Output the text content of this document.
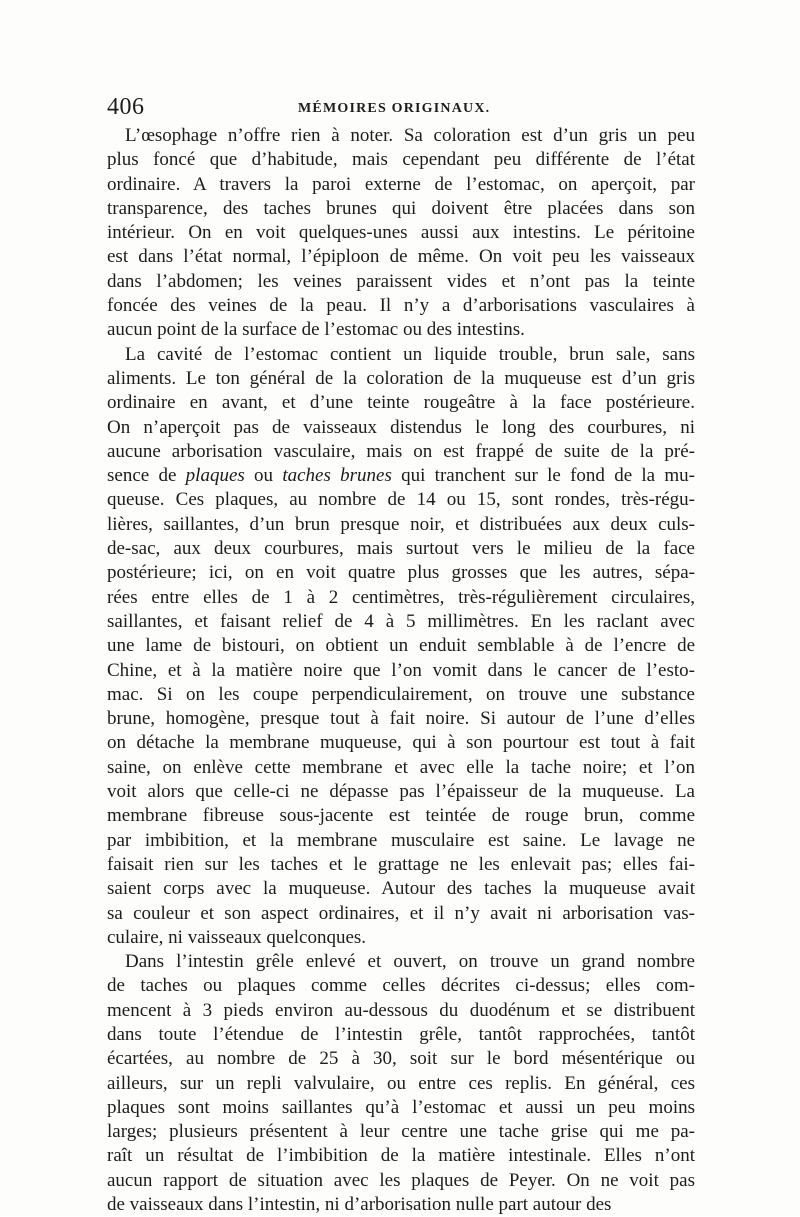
406	MÉMOIRES ORIGINAUX.
L’œsophage n’offre rien à noter. Sa coloration est d’un gris un peu
plus foncé que d’habitude, mais cependant peu différente de l’état
ordinaire. A travers la paroi externe de l’estomac, on aperçoit, par
transparence, des taches brunes qui doivent être placées dans son
intérieur. On en voit quelques-unes aussi aux intestins. Le péritoine
est dans l’état normal, l’épiploon de même. On voit peu les vaisseaux
dans l’abdomen; les veines paraissent vides et n’ont pas la teinte
foncée des veines de la peau. Il n’y a d’arborisations vasculaires à
aucun point de la surface de l’estomac ou des intestins.
La cavité de l’estomac contient un liquide trouble, brun sale, sans
aliments. Le ton général de la coloration de la muqueuse est d’un gris
ordinaire en avant, et d’une teinte rougeâtre à la face postérieure.
On n’aperçoit pas de vaisseaux distendus le long des courbures, ni
aucune arborisation vasculaire, mais on est frappé de suite de la pré-
sence de plaques ou taches brunes qui tranchent sur le fond de la mu-
queuse. Ces plaques, au nombre de 14 ou 15, sont rondes, très-régu-
lières, saillantes, d’un brun presque noir, et distribuées aux deux culs-
de-sac, aux deux courbures, mais surtout vers le milieu de la face
postérieure; ici, on en voit quatre plus grosses que les autres, sépa-
rées entre elles de 1 à 2 centimètres, très-régulièrement circulaires,
saillantes, et faisant relief de 4 à 5 millimètres. En les raclant avec
une lame de bistouri, on obtient un enduit semblable à de l’encre de
Chine, et à la matière noire que l’on vomit dans le cancer de l’esto-
mac. Si on les coupe perpendiculairement, on trouve une substance
brune, homogène, presque tout à fait noire. Si autour de l’une d’elles
on détache la membrane muqueuse, qui à son pourtour est tout à fait
saine, on enlève cette membrane et avec elle la tache noire; et l’on
voit alors que celle-ci ne dépasse pas l’épaisseur de la muqueuse. La
membrane fibreuse sous-jacente est teintée de rouge brun, comme
par imbibition, et la membrane musculaire est saine. Le lavage ne
faisait rien sur les taches et le grattage ne les enlevait pas; elles fai-
saient corps avec la muqueuse. Autour des taches la muqueuse avait
sa couleur et son aspect ordinaires, et il n’y avait ni arborisation vas-
culaire, ni vaisseaux quelconques.
Dans l’intestin grêle enlevé et ouvert, on trouve un grand nombre
de taches ou plaques comme celles décrites ci-dessus; elles com-
mencent à 3 pieds environ au-dessous du duodénum et se distribuent
dans toute l’étendue de l’intestin grêle, tantôt rapprochées, tantôt
écartées, au nombre de 25 à 30, soit sur le bord mésentérique ou
ailleurs, sur un repli valvulaire, ou entre ces replis. En général, ces
plaques sont moins saillantes qu’à l’estomac et aussi un peu moins
larges; plusieurs présentent à leur centre une tache grise qui me pa-
raît un résultat de l’imbibition de la matière intestinale. Elles n’ont
aucun rapport de situation avec les plaques de Peyer. On ne voit pas
de vaisseaux dans l’intestin, ni d’arborisation nulle part autour des
